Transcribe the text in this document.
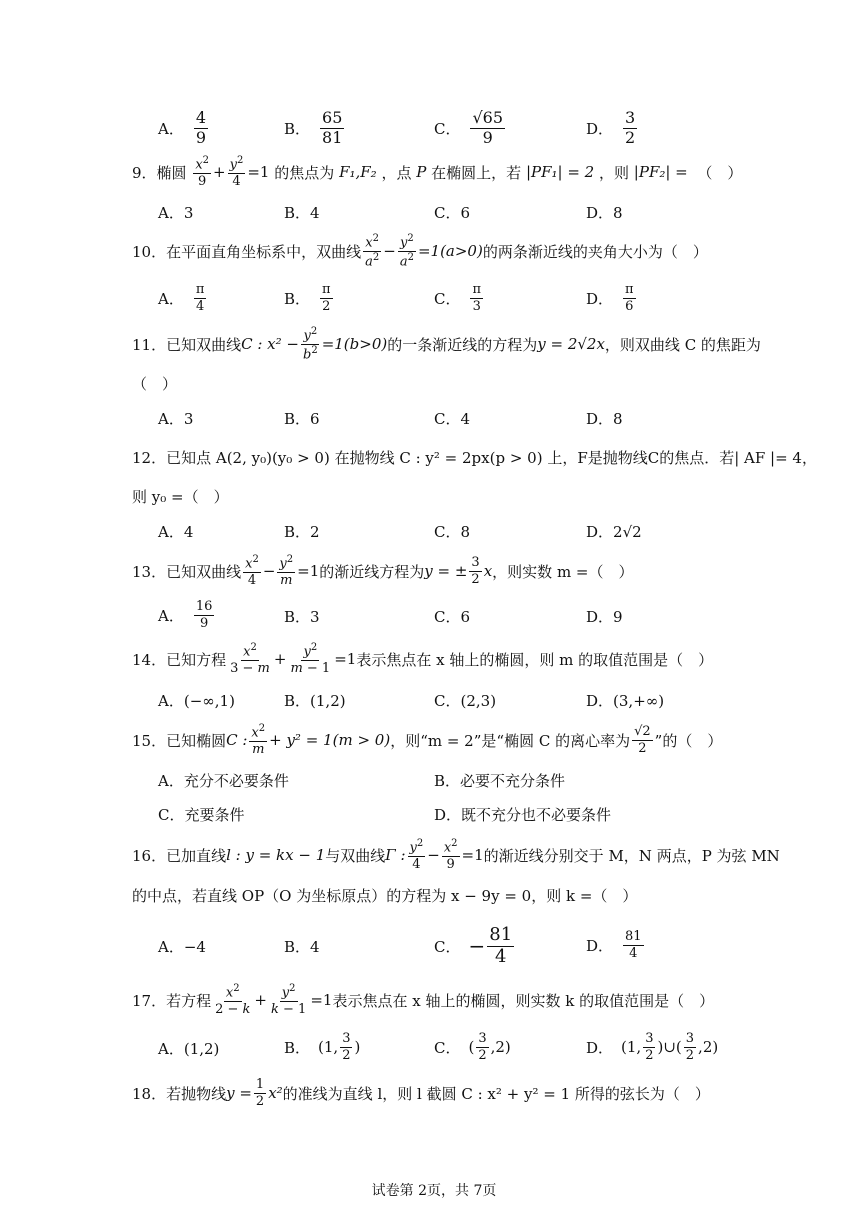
A．
4
9	B．
65
81	C．
√65
9	D．
3
2
9．椭圆
$x^2$
9
+ $\frac{y^2}{4} =1$
的焦点为
F₁,F₂
，点
P
在椭圆上，若
|PF₁| = 2
，则
|PF₂| =
（　）
A．3	B．4	C．6	D．8
10．在平面直角坐标系中，双曲线
$x^2$
$a^2 - \frac{y^2}{a^2} =1(a>0)$ 的两条渐近线的夹角大小为（　）
A．
π
4	B．
π
2	C．
π
3	D．
π
6
11．已知双曲线 C : $x^2 - \frac{y^2}{b^2} =1(b>0)$ 的一条渐近线的方程为 y = 2√2x ，则双曲线 C 的焦距为
（　）
A．3	B．6	C．4	D．8
12．已知点 A(2, y₀)(y₀ > 0) 在抛物线 C : y² = 2px(p > 0) 上，F是抛物线C的焦点．若| AF |= 4，
则 y₀ =（　）
A．4	B．2	C．8	D．2√2
13．已知双曲线 $x^2$
4
− $\frac{y^2}{m} =1$ 的渐近线方程为 y = ± $\frac{3}{2}$ x ，则实数 m =（　）
A．
16
9	B．3	C．6	D．9
14．已知方程 $x^2$
3 − m
+ $\frac{y^2}{m - 1} =1$ 表示焦点在 x 轴上的椭圆，则 m 的取值范围是（　）
A．(−∞,1)	B．(1,2)	C．(2,3)	D．(3,+∞)
15．已知椭圆 C : $x^2$
m
+ y² = 1(m > 0) ，则“m = 2”是“椭圆 C 的离心率为
√2
2 ”的（　）
A．充分不必要条件	B．必要不充分条件
C．充要条件	D．既不充分也不必要条件
16．已加直线 l : y = kx − 1 与双曲线 Γ : $y^2$
4
− $\frac{x^2}{9} =1$ 的渐近线分别交于 M，N 两点，P 为弦 MN
的中点，若直线 OP（O 为坐标原点）的方程为 x − 9y = 0，则 k =（　）
A．−4	B．4	C． − $\frac{81}{4}$	D．
81
4
17．若方程 $x^2$
2 − k
+ $\frac{y^2}{k - 1} =1$ 表示焦点在 x 轴上的椭圆，则实数 k 的取值范围是（　）
A．(1,2)	B． (1, 3
2 )	C． ( 3
2 ,2)	D． (1, 3
2 )∪( 3
2 ,2)
18．若抛物线 $y = \frac{1}{2} x^2$ 的准线为直线 l，则 l 截圆 C : x² + y² = 1 所得的弦长为（　）
试卷第 2页，共 7页
